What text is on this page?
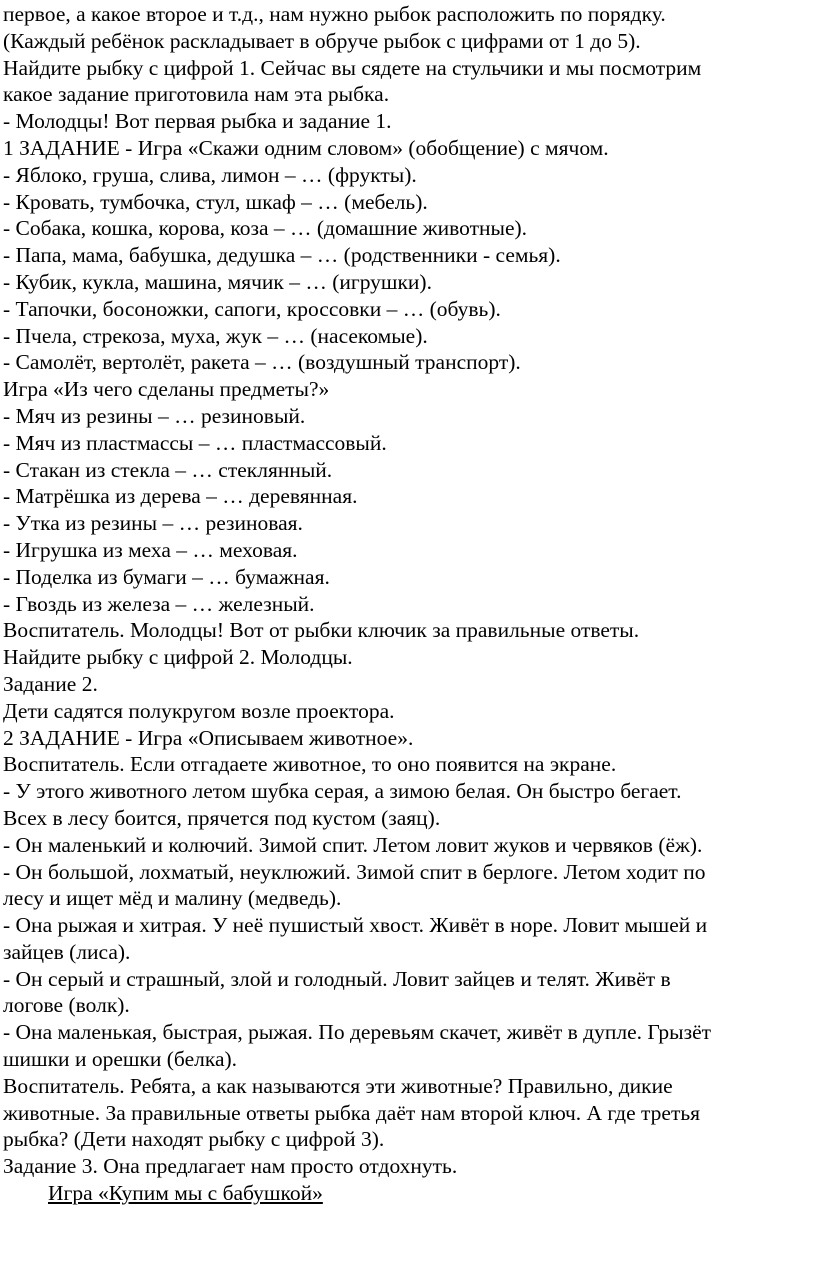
первое, а какое второе и т.д., нам нужно рыбок расположить по порядку.
(Каждый ребёнок раскладывает в обруче рыбок с цифрами от 1 до 5).
Найдите рыбку с цифрой 1. Сейчас вы сядете на стульчики и мы посмотрим
какое задание приготовила нам эта рыбка.
- Молодцы! Вот первая рыбка и задание 1.
1 ЗАДАНИЕ - Игра «Скажи одним словом» (обобщение) с мячом.
- Яблоко, груша, слива, лимон – … (фрукты).
- Кровать, тумбочка, стул, шкаф – … (мебель).
- Собака, кошка, корова, коза – … (домашние животные).
- Папа, мама, бабушка, дедушка – … (родственники - семья).
- Кубик, кукла, машина, мячик – … (игрушки).
- Тапочки, босоножки, сапоги, кроссовки – … (обувь).
- Пчела, стрекоза, муха, жук – … (насекомые).
- Самолёт, вертолёт, ракета – … (воздушный транспорт).
Игра «Из чего сделаны предметы?»
- Мяч из резины – … резиновый.
- Мяч из пластмассы – … пластмассовый.
- Стакан из стекла – … стеклянный.
- Матрёшка из дерева – … деревянная.
- Утка из резины – … резиновая.
- Игрушка из меха – … меховая.
- Поделка из бумаги – … бумажная.
- Гвоздь из железа – … железный.
Воспитатель. Молодцы! Вот от рыбки ключик за правильные ответы.
Найдите рыбку с цифрой 2. Молодцы.
Задание 2.
Дети садятся полукругом возле проектора.
2 ЗАДАНИЕ - Игра «Описываем животное».
Воспитатель. Если отгадаете животное, то оно появится на экране.
- У этого животного летом шубка серая, а зимою белая. Он быстро бегает.
Всех в лесу боится, прячется под кустом (заяц).
- Он маленький и колючий. Зимой спит. Летом ловит жуков и червяков (ёж).
- Он большой, лохматый, неуклюжий. Зимой спит в берлоге. Летом ходит по
лесу и ищет мёд и малину (медведь).
- Она рыжая и хитрая. У неё пушистый хвост. Живёт в норе. Ловит мышей и
зайцев (лиса).
- Он серый и страшный, злой и голодный. Ловит зайцев и телят. Живёт в
логове (волк).
- Она маленькая, быстрая, рыжая. По деревьям скачет, живёт в дупле. Грызёт
шишки и орешки (белка).
Воспитатель. Ребята, а как называются эти животные? Правильно, дикие
животные. За правильные ответы рыбка даёт нам второй ключ. А где третья
рыбка? (Дети находят рыбку с цифрой 3).
Задание 3. Она предлагает нам просто отдохнуть.
Игра «Купим мы с бабушкой»
